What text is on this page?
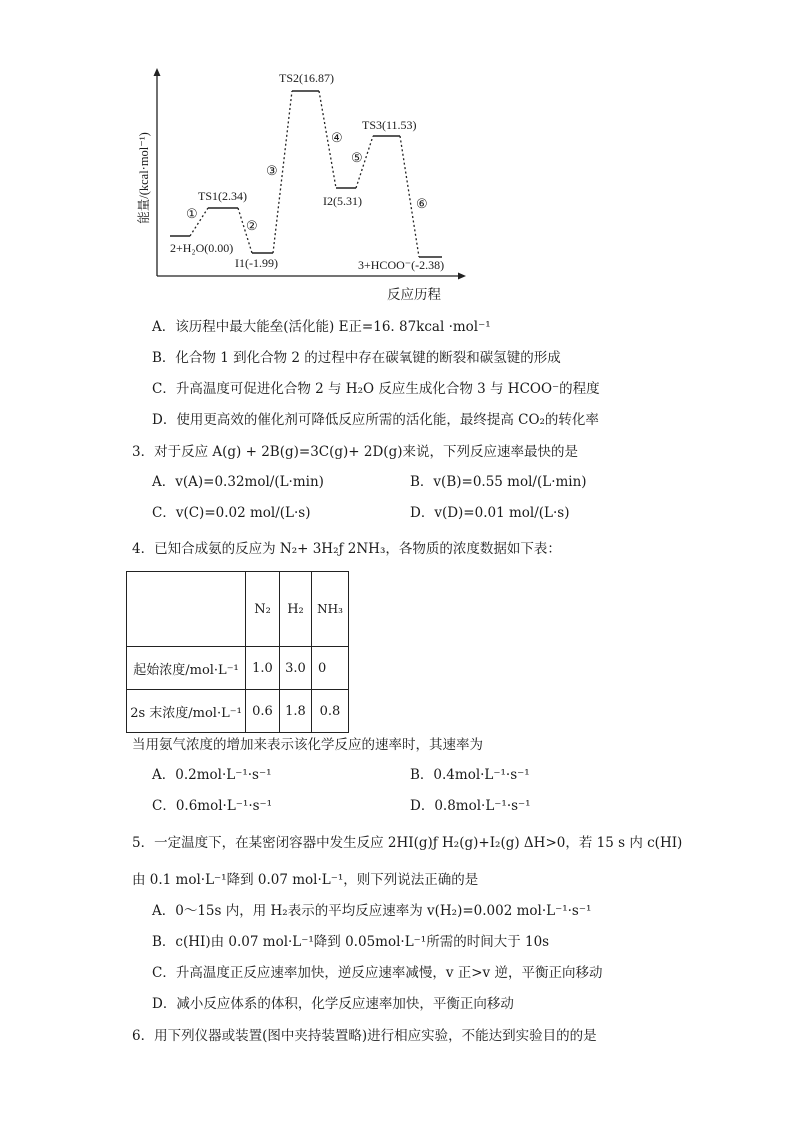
能量/(kcal·mol⁻¹)
2+H₂O(0.00)
TS1(2.34)
I1(-1.99)
TS2(16.87)
I2(5.31)
TS3(11.53)
3+HCOO⁻(-2.38)
①
②
③
④
⑤
⑥
反应历程
A．该历程中最大能垒(活化能) E正=16. 87kcal ·mol⁻¹
B．化合物 1 到化合物 2 的过程中存在碳氧键的断裂和碳氢键的形成
C．升高温度可促进化合物 2 与 H₂O 反应生成化合物 3 与 HCOO⁻的程度
D．使用更高效的催化剂可降低反应所需的活化能，最终提高 CO₂的转化率
3．对于反应 A(g) + 2B(g)=3C(g)+ 2D(g)来说，下列反应速率最快的是
A．v(A)=0.32mol/(L·min)	B．v(B)=0.55 mol/(L·min)
C．v(C)=0.02 mol/(L·s)	D．v(D)=0.01 mol/(L·s)
4．已知合成氨的反应为 N₂+ 3H₂ƒ 2NH₃，各物质的浓度数据如下表：
	N₂	H₂	NH₃
起始浓度/mol·L⁻¹	1.0	3.0	0
2s 末浓度/mol·L⁻¹	0.6	1.8	0.8
当用氨气浓度的增加来表示该化学反应的速率时，其速率为
A．0.2mol·L⁻¹·s⁻¹	B．0.4mol·L⁻¹·s⁻¹
C．0.6mol·L⁻¹·s⁻¹	D．0.8mol·L⁻¹·s⁻¹
5．一定温度下，在某密闭容器中发生反应 2HI(g)ƒ H₂(g)+I₂(g) ΔH>0，若 15 s 内 c(HI)
由 0.1 mol·L⁻¹降到 0.07 mol·L⁻¹，则下列说法正确的是
A．0～15s 内，用 H₂表示的平均反应速率为 v(H₂)=0.002 mol·L⁻¹·s⁻¹
B．c(HI)由 0.07 mol·L⁻¹降到 0.05mol·L⁻¹所需的时间大于 10s
C．升高温度正反应速率加快，逆反应速率减慢，v 正>v 逆，平衡正向移动
D．减小反应体系的体积，化学反应速率加快，平衡正向移动
6．用下列仪器或装置(图中夹持装置略)进行相应实验，不能达到实验目的的是
